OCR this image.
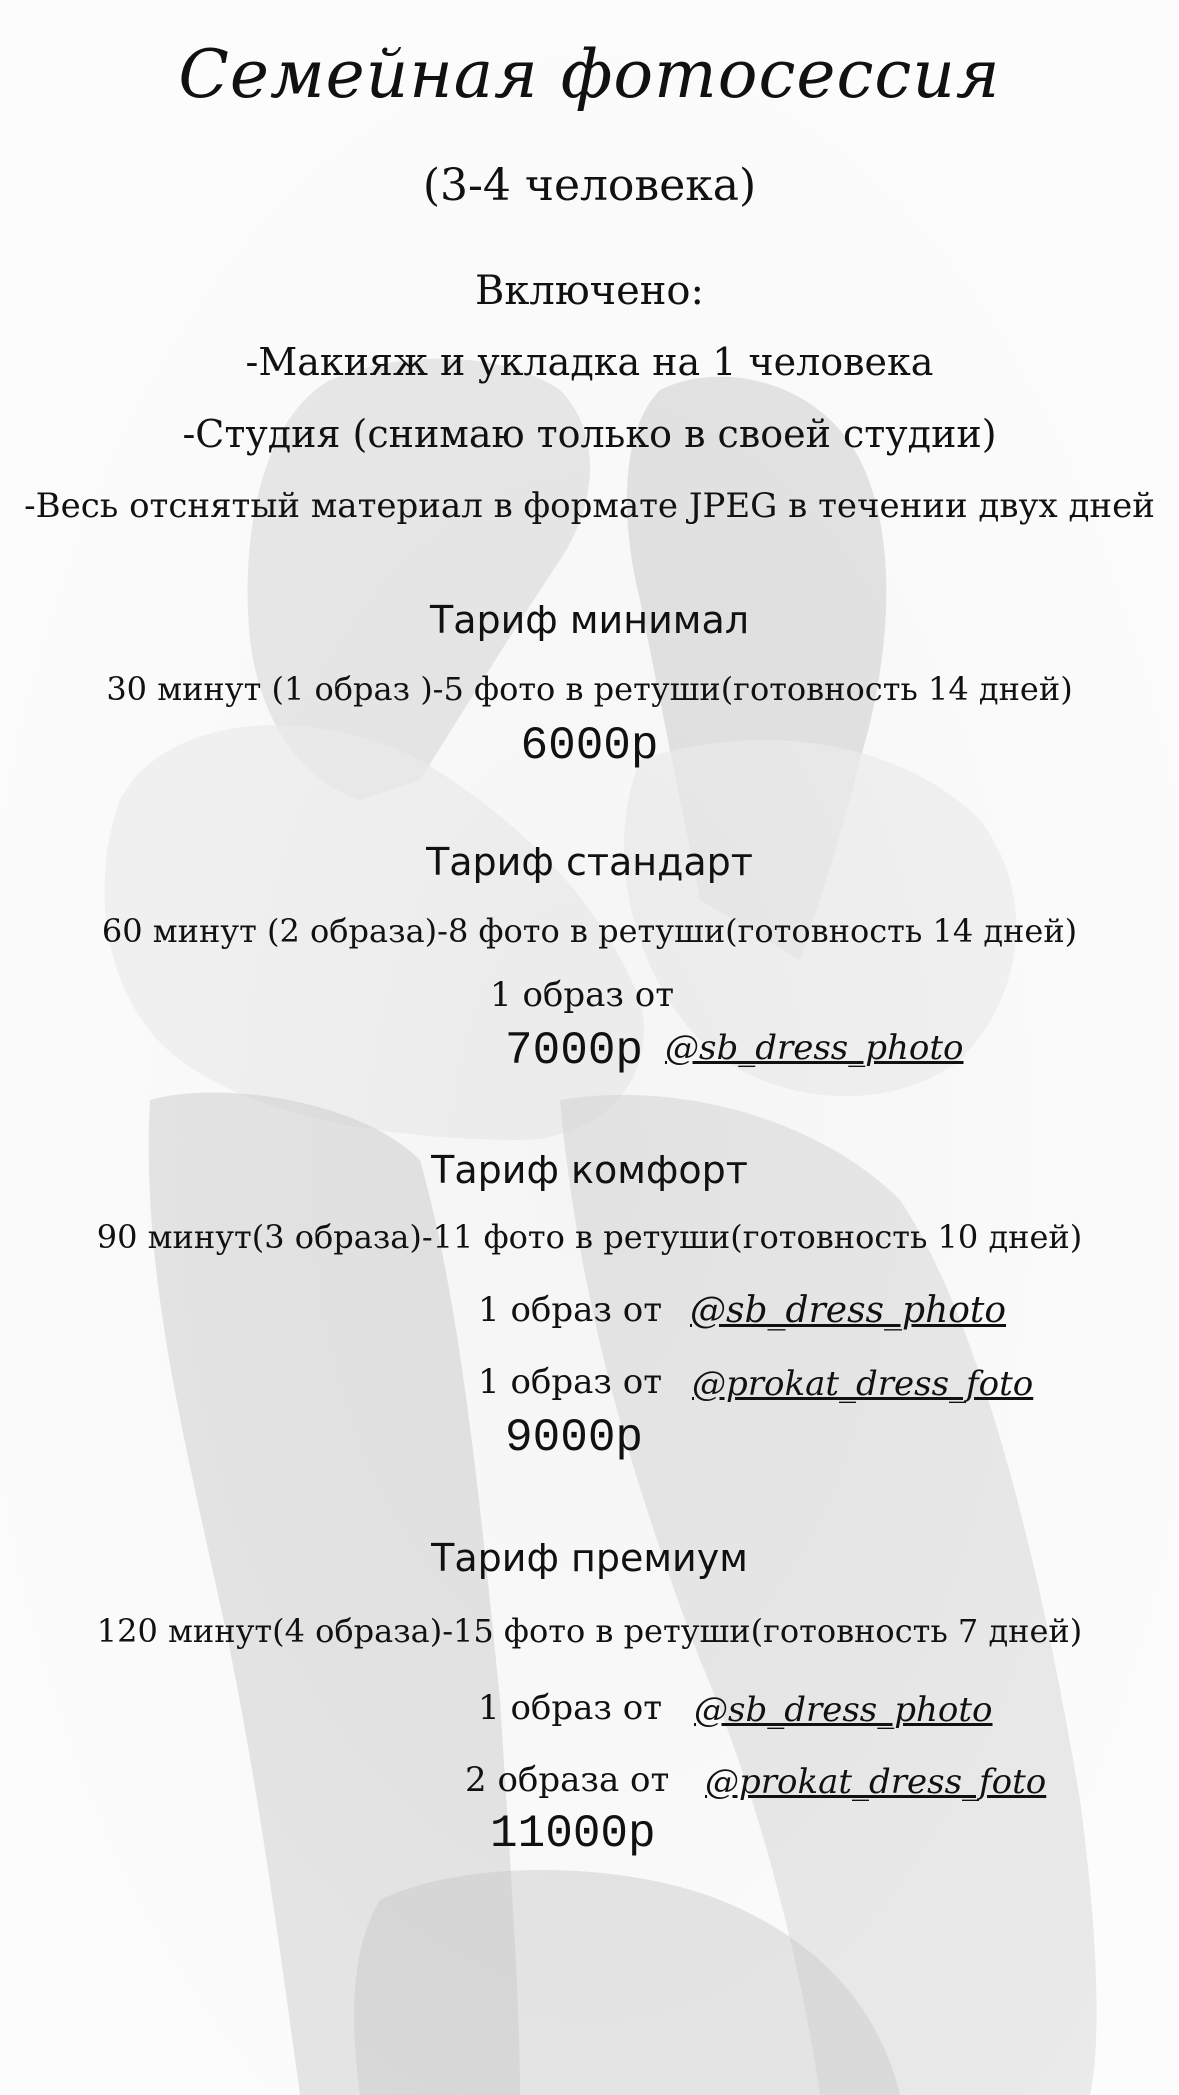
Семейная фотосессия
(3-4 человека)
Включено:
-Макияж и укладка на 1 человека
-Студия (снимаю только в своей студии)
-Весь отснятый материал в формате JPEG в течении двух дней
Тариф минимал
30 минут (1 образ )-5 фото в ретуши(готовность 14 дней)
6000р
Тариф стандарт
60 минут (2 образа)-8 фото в ретуши(готовность 14 дней)
1 образ от
7000р @sb_dress_photo
Тариф комфорт
90 минут(3 образа)-11 фото в ретуши(готовность 10 дней)
1 образ от @sb_dress_photo
1 образ от @prokat_dress_foto
9000р
Тариф премиум
120 минут(4 образа)-15 фото в ретуши(готовность 7 дней)
1 образ от @sb_dress_photo
2 образа от @prokat_dress_foto
11000р
